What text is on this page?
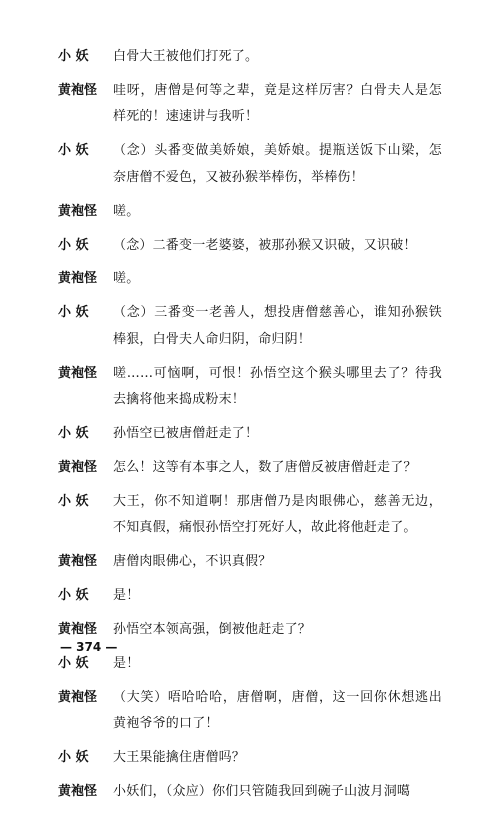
小 妖	白骨大王被他们打死了。
黄袍怪	哇呀，唐僧是何等之辈，竟是这样厉害？白骨夫人是怎样死的！速速讲与我听！
小 妖	（念）头番变做美娇娘，美娇娘。提瓶送饭下山梁，怎奈唐僧不爱色，又被孙猴举棒伤，举棒伤！
黄袍怪	嗟。
小 妖	（念）二番变一老婆婆，被那孙猴又识破，又识破！
黄袍怪	嗟。
小 妖	（念）三番变一老善人，想投唐僧慈善心，谁知孙猴铁棒狠，白骨夫人命归阴，命归阴！
黄袍怪	嗟……可恼啊，可恨！孙悟空这个猴头哪里去了？待我去擒将他来捣成粉末！
小 妖	孙悟空已被唐僧赶走了！
黄袍怪	怎么！这等有本事之人，数了唐僧反被唐僧赶走了？
小 妖	大王，你不知道啊！那唐僧乃是肉眼佛心，慈善无边，不知真假，痛恨孙悟空打死好人，故此将他赶走了。
黄袍怪	唐僧肉眼佛心，不识真假？
小 妖	是！
黄袍怪	孙悟空本领高强，倒被他赶走了？
小 妖	是！
黄袍怪	（大笑）唔哈哈哈，唐僧啊，唐僧，这一回你休想逃出黄袍爷爷的口了！
小 妖	大王果能擒住唐僧吗？
黄袍怪	小妖们，（众应）你们只管随我回到碗子山波月洞噶
— 374 —
